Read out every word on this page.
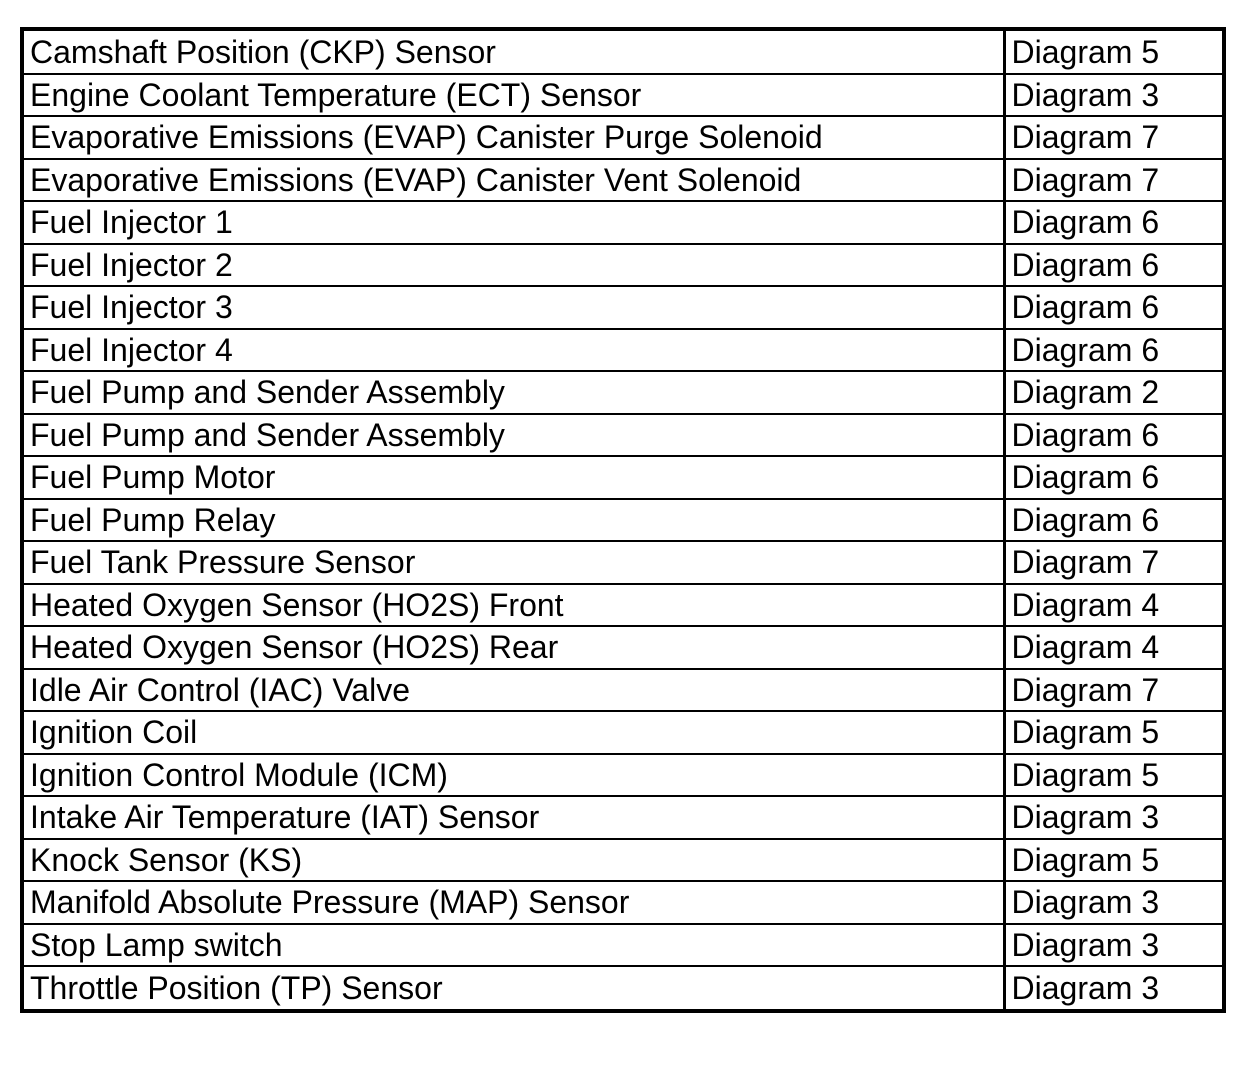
Camshaft Position (CKP) Sensor	Diagram 5
Engine Coolant Temperature (ECT) Sensor	Diagram 3
Evaporative Emissions (EVAP) Canister Purge Solenoid	Diagram 7
Evaporative Emissions (EVAP) Canister Vent Solenoid	Diagram 7
Fuel Injector 1	Diagram 6
Fuel Injector 2	Diagram 6
Fuel Injector 3	Diagram 6
Fuel Injector 4	Diagram 6
Fuel Pump and Sender Assembly	Diagram 2
Fuel Pump and Sender Assembly	Diagram 6
Fuel Pump Motor	Diagram 6
Fuel Pump Relay	Diagram 6
Fuel Tank Pressure Sensor	Diagram 7
Heated Oxygen Sensor (HO2S) Front	Diagram 4
Heated Oxygen Sensor (HO2S) Rear	Diagram 4
Idle Air Control (IAC) Valve	Diagram 7
Ignition Coil	Diagram 5
Ignition Control Module (ICM)	Diagram 5
Intake Air Temperature (IAT) Sensor	Diagram 3
Knock Sensor (KS)	Diagram 5
Manifold Absolute Pressure (MAP) Sensor	Diagram 3
Stop Lamp switch	Diagram 3
Throttle Position (TP) Sensor	Diagram 3
